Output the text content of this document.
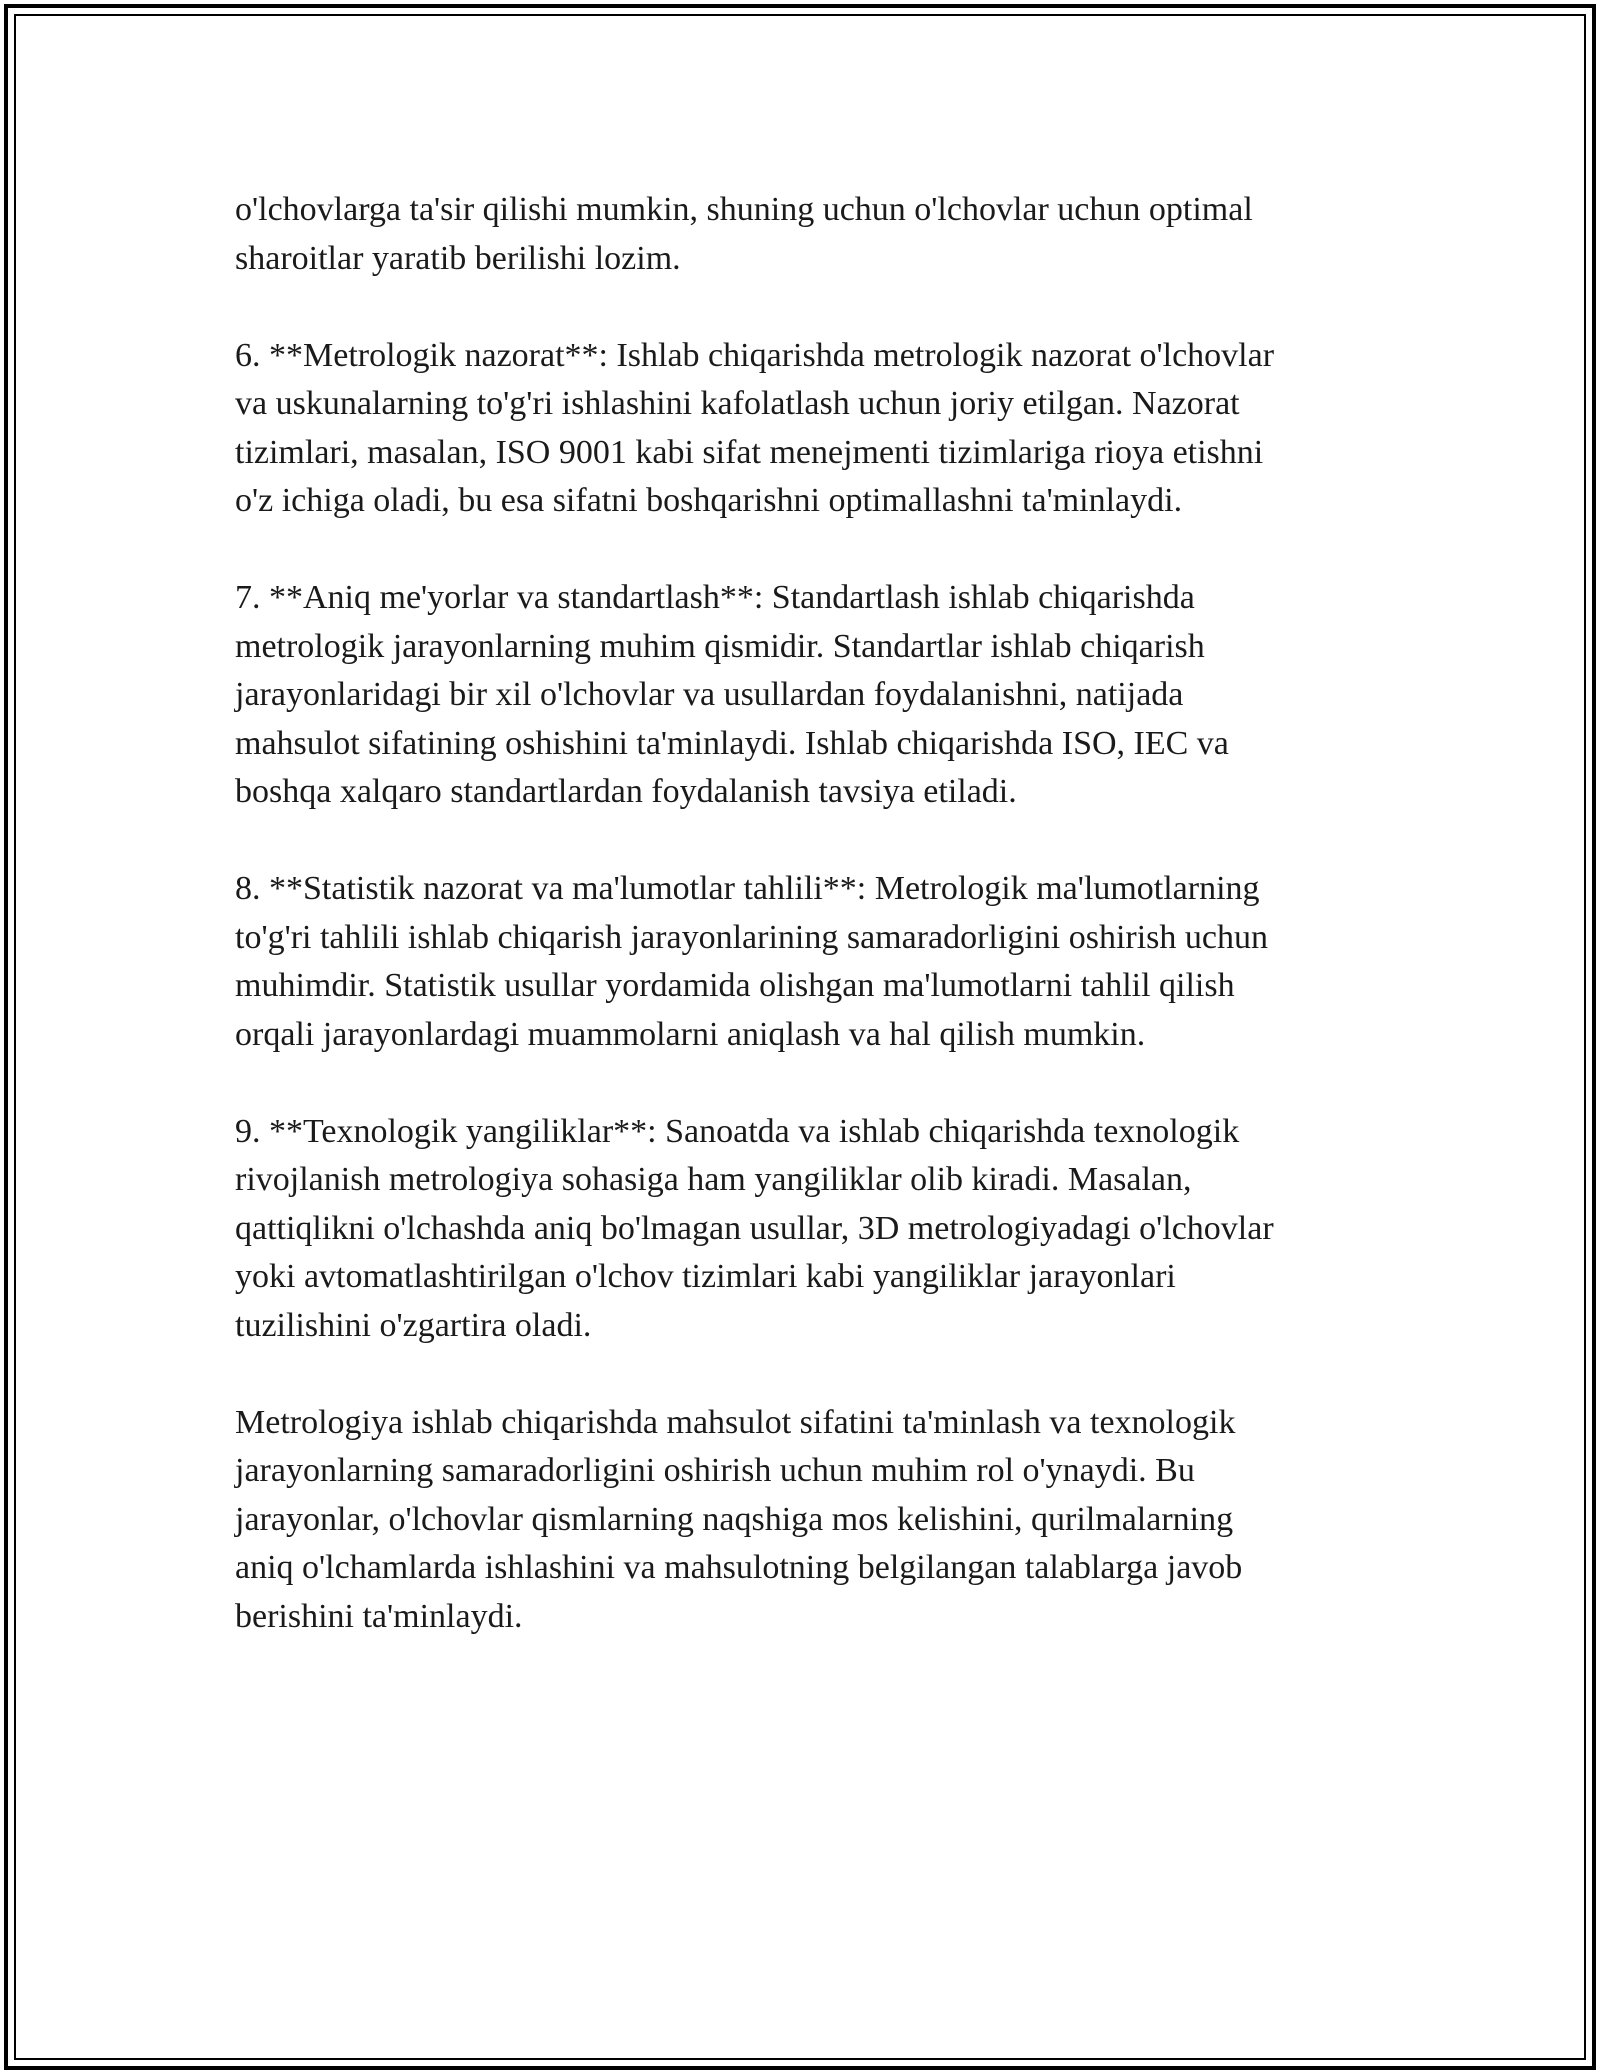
o'lchovlarga ta'sir qilishi mumkin, shuning uchun o'lchovlar uchun optimal
sharoitlar yaratib berilishi lozim.

6. **Metrologik nazorat**: Ishlab chiqarishda metrologik nazorat o'lchovlar
va uskunalarning to'g'ri ishlashini kafolatlash uchun joriy etilgan. Nazorat
tizimlari, masalan, ISO 9001 kabi sifat menejmenti tizimlariga rioya etishni
o'z ichiga oladi, bu esa sifatni boshqarishni optimallashni ta'minlaydi.

7. **Aniq me'yorlar va standartlash**: Standartlash ishlab chiqarishda
metrologik jarayonlarning muhim qismidir. Standartlar ishlab chiqarish
jarayonlaridagi bir xil o'lchovlar va usullardan foydalanishni, natijada
mahsulot sifatining oshishini ta'minlaydi. Ishlab chiqarishda ISO, IEC va
boshqa xalqaro standartlardan foydalanish tavsiya etiladi.

8. **Statistik nazorat va ma'lumotlar tahlili**: Metrologik ma'lumotlarning
to'g'ri tahlili ishlab chiqarish jarayonlarining samaradorligini oshirish uchun
muhimdir. Statistik usullar yordamida olishgan ma'lumotlarni tahlil qilish
orqali jarayonlardagi muammolarni aniqlash va hal qilish mumkin.

9. **Texnologik yangiliklar**: Sanoatda va ishlab chiqarishda texnologik
rivojlanish metrologiya sohasiga ham yangiliklar olib kiradi. Masalan,
qattiqlikni o'lchashda aniq bo'lmagan usullar, 3D metrologiyadagi o'lchovlar
yoki avtomatlashtirilgan o'lchov tizimlari kabi yangiliklar jarayonlari
tuzilishini o'zgartira oladi.

Metrologiya ishlab chiqarishda mahsulot sifatini ta'minlash va texnologik
jarayonlarning samaradorligini oshirish uchun muhim rol o'ynaydi. Bu
jarayonlar, o'lchovlar qismlarning naqshiga mos kelishini, qurilmalarning
aniq o'lchamlarda ishlashini va mahsulotning belgilangan talablarga javob
berishini ta'minlaydi.
